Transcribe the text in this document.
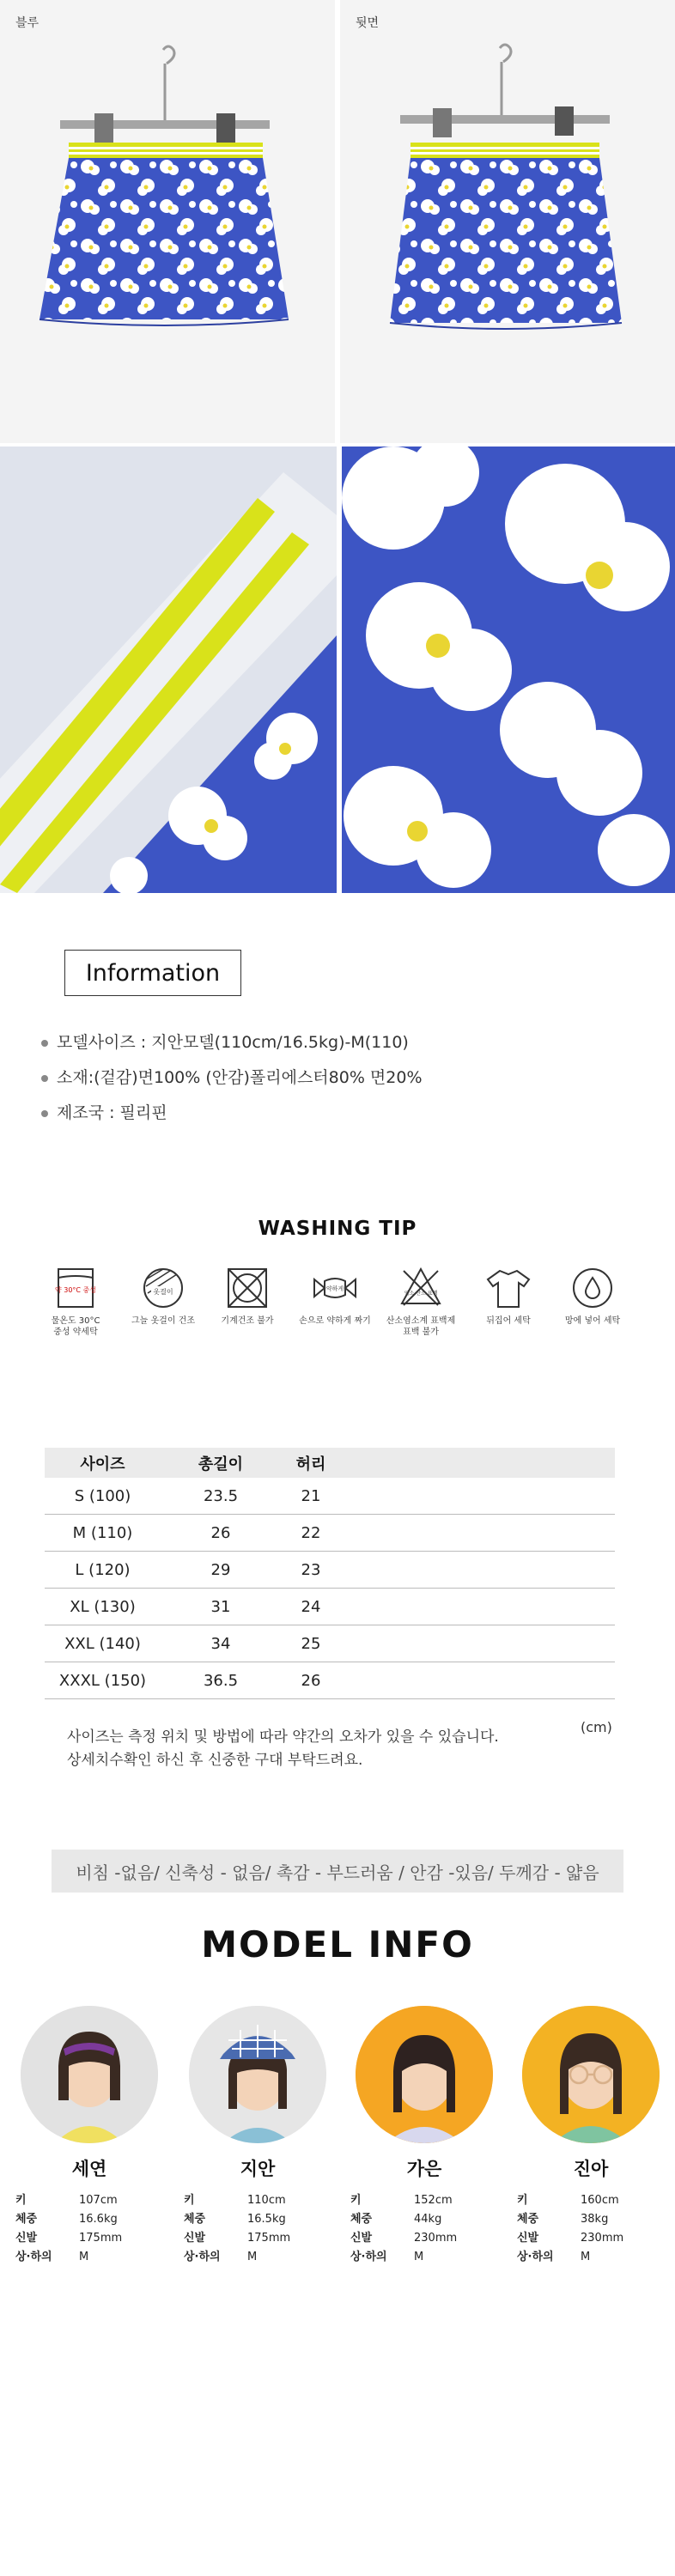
블루	뒷면
Information
모델사이즈 : 지안모델(110cm/16.5kg)-M(110)
소재:(겉감)면100% (안감)폴리에스터80% 면20%
제조국 : 필리핀
WASHING TIP
약 30°C 중성
물온도 30°C
중성 약세탁
옷걸이
그늘 옷걸이 건조	기계건조 불가
약하게
손으로 약하게 짜기
염소 산소 표백
산소염소계 표백제
표백 불가
뒤집어 세탁	망에 넣어 세탁
사이즈	총길이	허리	
S (100)	23.5	21	
M (110)	26	22	
L (120)	29	23	
XL (130)	31	24	
XXL (140)	34	25	
XXXL (150)	36.5	26	
(cm)
사이즈는 측정 위치 및 방법에 따라 약간의 오차가 있을 수 있습니다.
상세치수확인 하신 후 신중한 구대 부탁드려요.
비침 -없음/ 신축성 - 없음/ 촉감 - 부드러움 / 안감 -있음/ 두께감 - 얇음
MODEL INFO
세연
키	107cm
체중	16.6kg
신발	175mm
상·하의	M
지안
키	110cm
체중	16.5kg
신발	175mm
상·하의	M
가은
키	152cm
체중	44kg
신발	230mm
상·하의	M
진아
키	160cm
체중	38kg
신발	230mm
상·하의	M
